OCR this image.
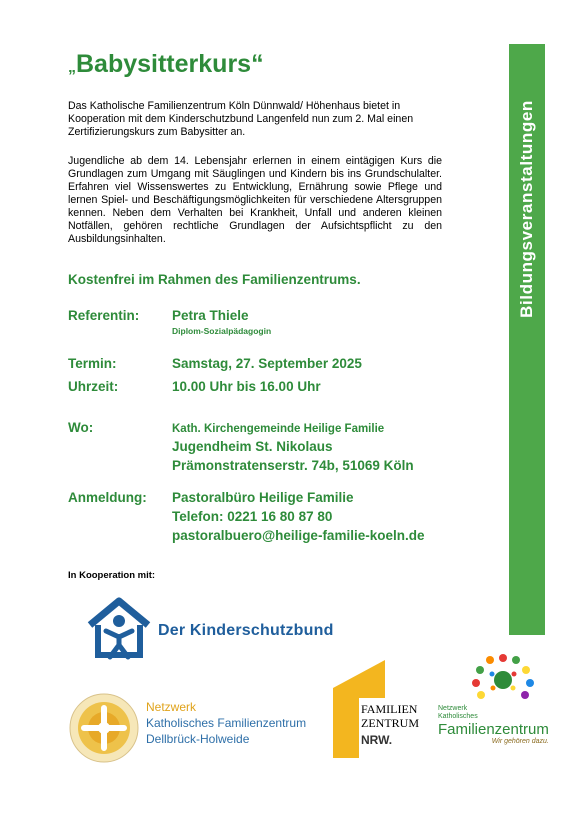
Bildungsveranstaltungen
„Babysitterkurs“
Das Katholische Familienzentrum Köln Dünnwald/ Höhenhaus bietet in Kooperation mit dem Kinderschutzbund Langenfeld nun zum 2. Mal einen Zertifizierungskurs zum Babysitter an.
Jugendliche ab dem 14. Lebensjahr erlernen in einem eintägigen Kurs die Grundlagen zum Umgang mit Säuglingen und Kindern bis ins Grundschulalter. Erfahren viel Wissenswertes zu Entwicklung, Ernährung sowie Pflege und lernen Spiel- und Beschäftigungsmöglichkeiten für verschiedene Altersgruppen kennen. Neben dem Verhalten bei Krankheit, Unfall und anderen kleinen Notfällen, gehören rechtliche Grundlagen der Aufsichtspflicht zu den Ausbildungsinhalten.
Kostenfrei im Rahmen des Familienzentrums.
Referentin: Petra Thiele
Diplom-Sozialpädagogin
Termin:	Samstag, 27. September 2025
Uhrzeit:	10.00 Uhr bis 16.00 Uhr
Wo:	Kath. Kirchengemeinde Heilige Familie
Jugendheim St. Nikolaus
Prämonstratenserstr. 74b, 51069 Köln
Anmeldung: Pastoralbüro Heilige Familie
Telefon: 0221 16 80 87 80
pastoralbuero@heilige-familie-koeln.de
In Kooperation mit:
Der Kinderschutzbund
Netzwerk
Katholisches Familienzentrum
Dellbrück-Holweide
FAMILIEN
ZENTRUM
NRW.
Netzwerk
Katholisches
Familienzentrum
Wir gehören dazu.
